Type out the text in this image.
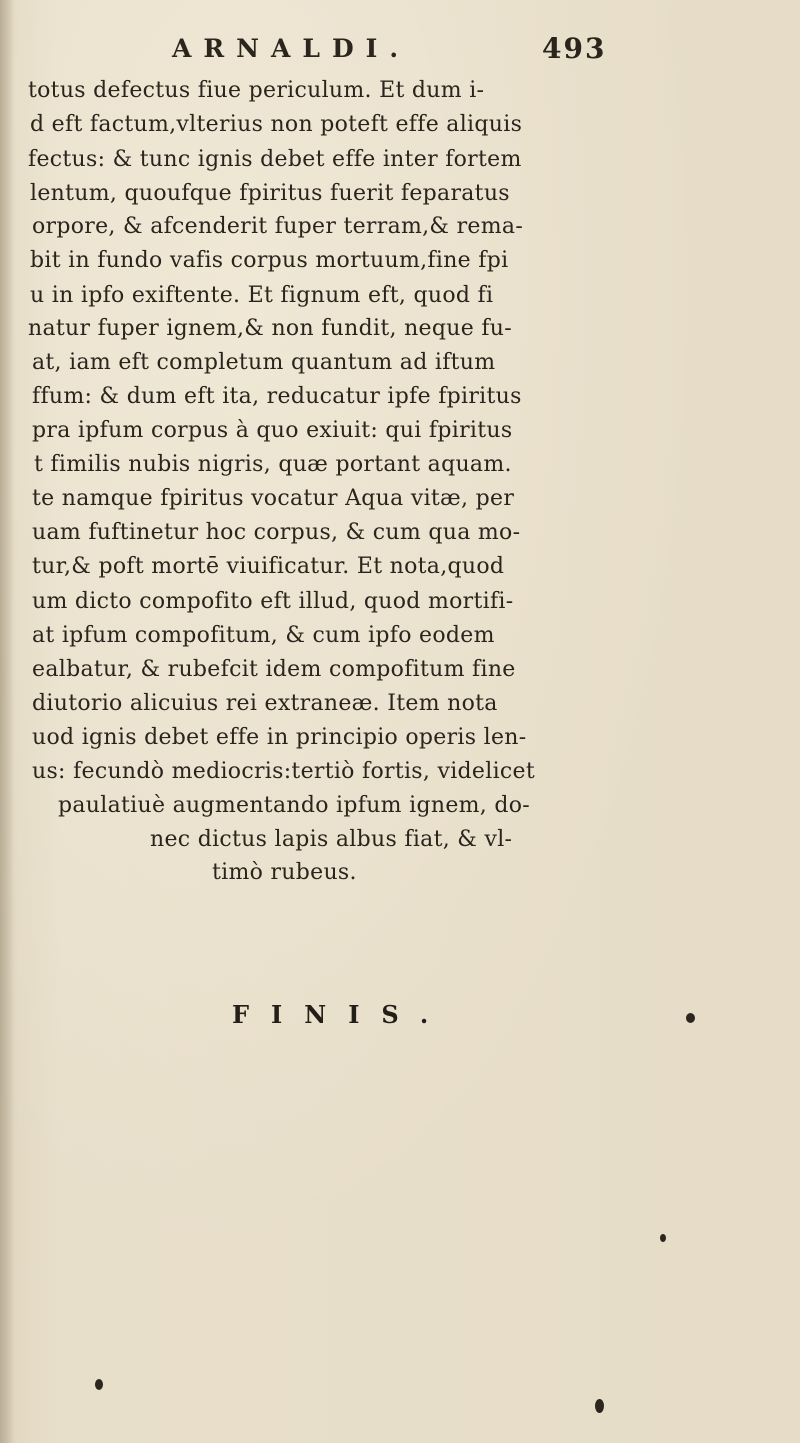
ARNALDI.	493
totus defectus fiue periculum. Et dum i-
d eft factum,vlterius non poteft effe aliquis
fectus: & tunc ignis debet effe inter fortem
lentum, quoufque fpiritus fuerit feparatus
orpore, & afcenderit fuper terram,& rema-
bit in fundo vafis corpus mortuum,fine fpi
u in ipfo exiftente. Et fignum eft, quod fi
natur fuper ignem,& non fundit, neque fu-
at, iam eft completum quantum ad iftum
ffum: & dum eft ita, reducatur ipfe fpiritus
pra ipfum corpus à quo exiuit: qui fpiritus
t fimilis nubis nigris, quæ portant aquam.
te namque fpiritus vocatur Aqua vitæ, per
uam fuftinetur hoc corpus, & cum qua mo-
tur,& poft mortē viuificatur. Et nota,quod
um dicto compofito eft illud, quod mortifi-
at ipfum compofitum, & cum ipfo eodem
ealbatur, & rubefcit idem compofitum fine
diutorio alicuius rei extraneæ. Item nota
uod ignis debet effe in principio operis len-
us: fecundò mediocris:tertiò fortis, videlicet
paulatiuè augmentando ipfum ignem, do-
nec dictus lapis albus fiat, & vl-
timò rubeus.
FINIS.
